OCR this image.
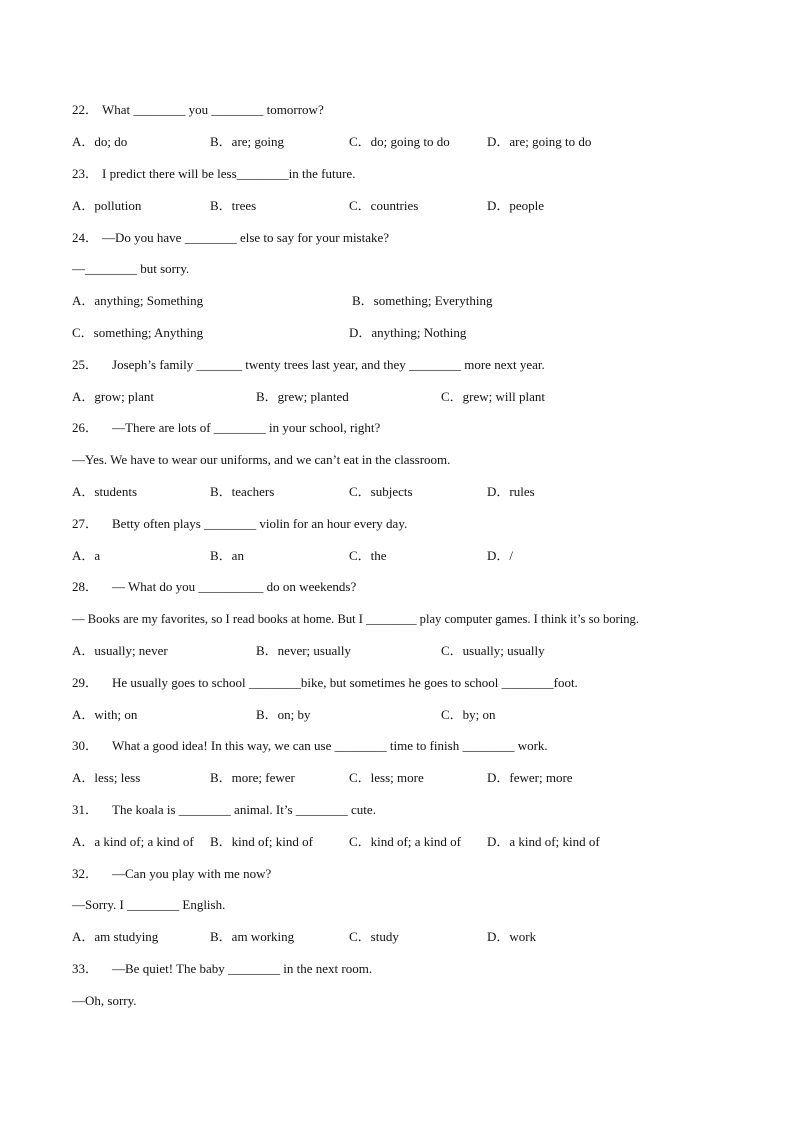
22． What ________ you ________ tomorrow?
A．do; do	B．are; going	C．do; going to do	D．are; going to do
23． I predict there will be less________in the future.
A．pollution	B．trees	C．countries	D．people
24． —Do you have ________ else to say for your mistake?
—________ but sorry.
A．anything; Something	B．something; Everything
C．something; Anything	D．anything; Nothing
25． Joseph’s family _______ twenty trees last year, and they ________ more next year.
A．grow; plant	B．grew; planted	C．grew; will plant
26． —There are lots of ________ in your school, right?
—Yes. We have to wear our uniforms, and we can’t eat in the classroom.
A．students	B．teachers	C．subjects	D．rules
27． Betty often plays ________ violin for an hour every day.
A．a	B．an	C．the	D．/
28． — What do you __________ do on weekends?
— Books are my favorites, so I read books at home. But I ________ play computer games. I think it’s so boring.
A．usually; never	B．never; usually	C．usually; usually
29． He usually goes to school ________bike, but sometimes he goes to school ________foot.
A．with; on	B．on; by	C．by; on
30． What a good idea! In this way, we can use ________ time to finish ________ work.
A．less; less	B．more; fewer	C．less; more	D．fewer; more
31． The koala is ________ animal. It’s ________ cute.
A．a kind of; a kind of B．kind of; kind of	C．kind of; a kind of D．a kind of; kind of
32． —Can you play with me now?
—Sorry. I ________ English.
A．am studying	B．am working	C．study	D．work
33． —Be quiet! The baby ________ in the next room.
—Oh, sorry.
